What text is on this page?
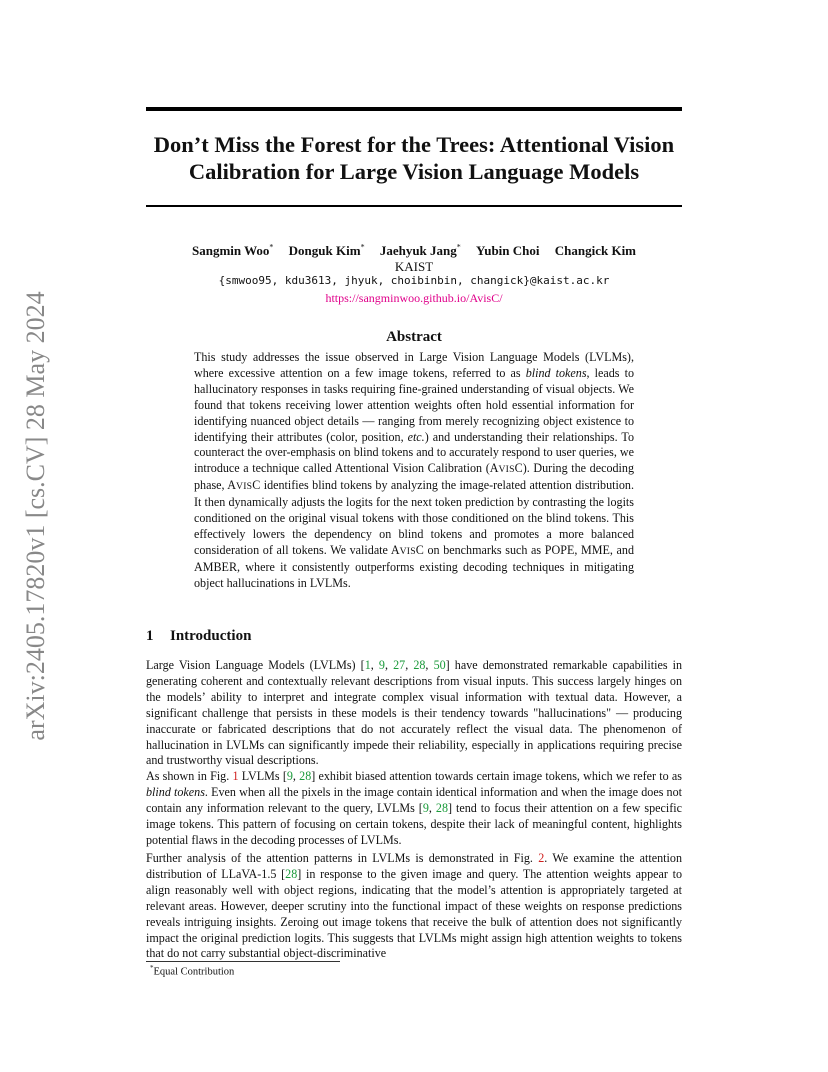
arXiv:2405.17820v1 [cs.CV] 28 May 2024
Don’t Miss the Forest for the Trees: Attentional Vision
Calibration for Large Vision Language Models
Sangmin Woo* Donguk Kim* Jaehyuk Jang* Yubin Choi Changick Kim
KAIST
{smwoo95, kdu3613, jhyuk, choibinbin, changick}@kaist.ac.kr
https://sangminwoo.github.io/AvisC/
Abstract

This study addresses the issue observed in Large Vision Language Models (LVLMs), where excessive attention on a few image tokens, referred to as blind tokens, leads to hallucinatory responses in tasks requiring fine-grained understanding of visual objects. We found that tokens receiving lower attention weights often hold essential information for identifying nuanced object details — ranging from merely recognizing object existence to identifying their attributes (color, position, etc.) and understanding their relationships. To counteract the over-emphasis on blind tokens and to accurately respond to user queries, we introduce a technique called Attentional Vision Calibration (AVISC). During the decoding phase, AVISC identifies blind tokens by analyzing the image-related attention distribution. It then dynamically adjusts the logits for the next token prediction by contrasting the logits conditioned on the original visual tokens with those conditioned on the blind tokens. This effectively lowers the dependency on blind tokens and promotes a more balanced consideration of all tokens. We validate AVISC on benchmarks such as POPE, MME, and AMBER, where it consistently outperforms existing decoding techniques in mitigating object hallucinations in LVLMs.

1 Introduction

Large Vision Language Models (LVLMs) [1, 9, 27, 28, 50] have demonstrated remarkable capabilities in generating coherent and contextually relevant descriptions from visual inputs. This success largely hinges on the models’ ability to interpret and integrate complex visual information with textual data. However, a significant challenge that persists in these models is their tendency towards "hallucinations" — producing inaccurate or fabricated descriptions that do not accurately reflect the visual data. The phenomenon of hallucination in LVLMs can significantly impede their reliability, especially in applications requiring precise and trustworthy visual descriptions.

As shown in Fig. 1 LVLMs [9, 28] exhibit biased attention towards certain image tokens, which we refer to as blind tokens. Even when all the pixels in the image contain identical information and when the image does not contain any information relevant to the query, LVLMs [9, 28] tend to focus their attention on a few specific image tokens. This pattern of focusing on certain tokens, despite their lack of meaningful content, highlights potential flaws in the decoding processes of LVLMs.

Further analysis of the attention patterns in LVLMs is demonstrated in Fig. 2. We examine the attention distribution of LLaVA-1.5 [28] in response to the given image and query. The attention weights appear to align reasonably well with object regions, indicating that the model’s attention is appropriately targeted at relevant areas. However, deeper scrutiny into the functional impact of these weights on response predictions reveals intriguing insights. Zeroing out image tokens that receive the bulk of attention does not significantly impact the original prediction logits. This suggests that LVLMs might assign high attention weights to tokens that do not carry substantial object-discriminative

*Equal Contribution
